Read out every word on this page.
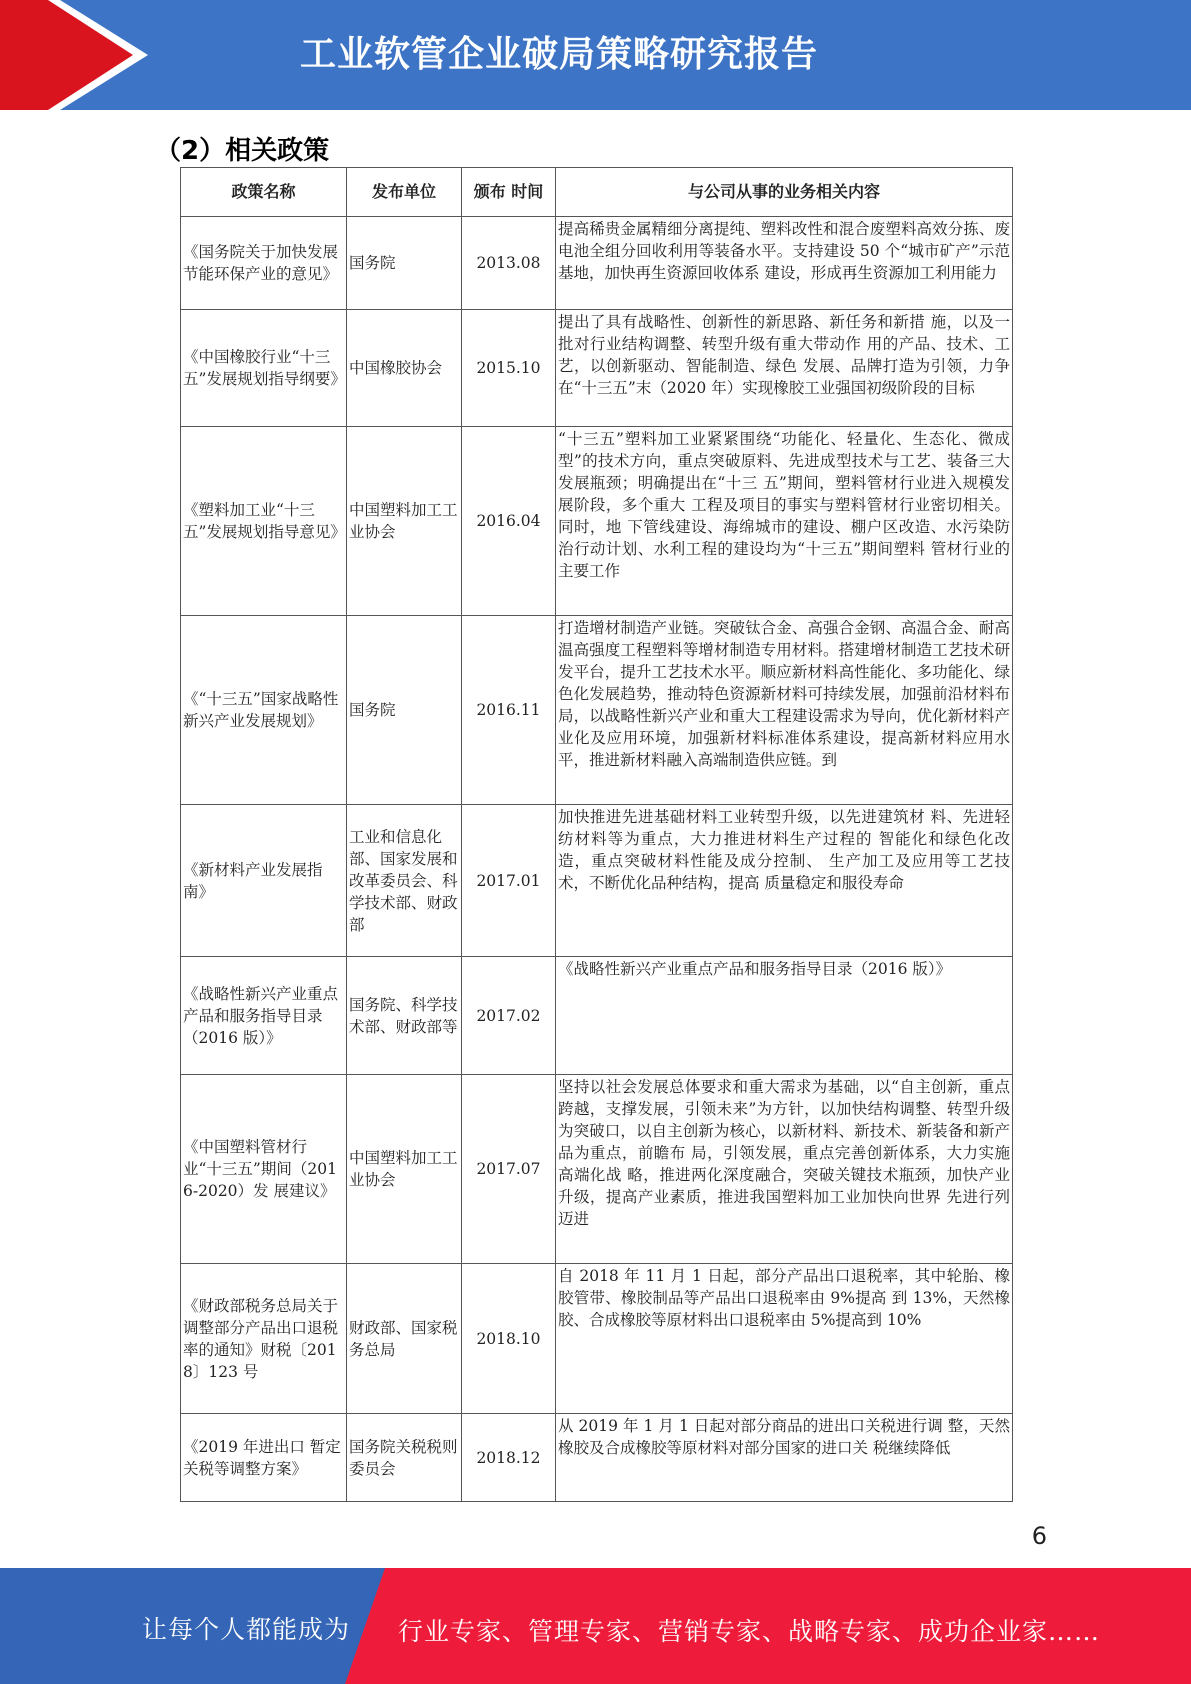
工业软管企业破局策略研究报告
（2）相关政策
政策名称	发布单位	颁布 时间	与公司从事的业务相关内容
《国务院关于加快发展节能环保产业的意见》	国务院	2013.08	提高稀贵金属精细分离提纯、塑料改性和混合废塑料高效分拣、废电池全组分回收利用等装备水平。支持建设 50 个“城市矿产”示范基地，加快再生资源回收体系 建设，形成再生资源加工利用能力
《中国橡胶行业“十三五”发展规划指导纲要》	中国橡胶协会	2015.10	提出了具有战略性、创新性的新思路、新任务和新措 施，以及一批对行业结构调整、转型升级有重大带动作 用的产品、技术、工艺，以创新驱动、智能制造、绿色 发展、品牌打造为引领，力争在“十三五”末（2020 年）实现橡胶工业强国初级阶段的目标
《塑料加工业“十三五”发展规划指导意见》	中国塑料加工工业协会	2016.04	“十三五”塑料加工业紧紧围绕“功能化、轻量化、生态化、微成型”的技术方向，重点突破原料、先进成型技术与工艺、装备三大发展瓶颈；明确提出在“十三 五”期间，塑料管材行业进入规模发展阶段，多个重大 工程及项目的事实与塑料管材行业密切相关。同时，地 下管线建设、海绵城市的建设、棚户区改造、水污染防 治行动计划、水利工程的建设均为“十三五”期间塑料 管材行业的主要工作
《“十三五”国家战略性新兴产业发展规划》	国务院	2016.11	打造增材制造产业链。突破钛合金、高强合金钢、高温合金、耐高温高强度工程塑料等增材制造专用材料。搭建增材制造工艺技术研发平台，提升工艺技术水平。顺应新材料高性能化、多功能化、绿色化发展趋势，推动特色资源新材料可持续发展，加强前沿材料布局，以战略性新兴产业和重大工程建设需求为导向，优化新材料产业化及应用环境，加强新材料标准体系建设，提高新材料应用水平，推进新材料融入高端制造供应链。到
《新材料产业发展指南》	工业和信息化部、国家发展和改革委员会、科学技术部、财政部	2017.01	加快推进先进基础材料工业转型升级，以先进建筑材 料、先进轻纺材料等为重点，大力推进材料生产过程的 智能化和绿色化改造，重点突破材料性能及成分控制、 生产加工及应用等工艺技术，不断优化品种结构，提高 质量稳定和服役寿命
《战略性新兴产业重点产品和服务指导目录（2016 版）》	国务院、科学技术部、财政部等	2017.02	《战略性新兴产业重点产品和服务指导目录（2016 版）》
《中国塑料管材行业“十三五”期间（2016-2020）发 展建议》	中国塑料加工工业协会	2017.07	坚持以社会发展总体要求和重大需求为基础，以“自主创新，重点跨越，支撑发展，引领未来”为方针，以加快结构调整、转型升级为突破口，以自主创新为核心，以新材料、新技术、新装备和新产品为重点，前瞻布 局，引领发展，重点完善创新体系，大力实施高端化战 略，推进两化深度融合，突破关键技术瓶颈，加快产业 升级，提高产业素质，推进我国塑料加工业加快向世界 先进行列迈进
《财政部税务总局关于调整部分产品出口退税率的通知》财税〔2018〕123 号	财政部、国家税务总局	2018.10	自 2018 年 11 月 1 日起，部分产品出口退税率，其中轮胎、橡胶管带、橡胶制品等产品出口退税率由 9%提高 到 13%，天然橡胶、合成橡胶等原材料出口退税率由 5%提高到 10%
《2019 年进出口 暂定关税等调整方案》	国务院关税税则委员会	2018.12	从 2019 年 1 月 1 日起对部分商品的进出口关税进行调 整，天然橡胶及合成橡胶等原材料对部分国家的进口关 税继续降低
6
让每个人都能成为 行业专家、管理专家、营销专家、战略专家、成功企业家……
